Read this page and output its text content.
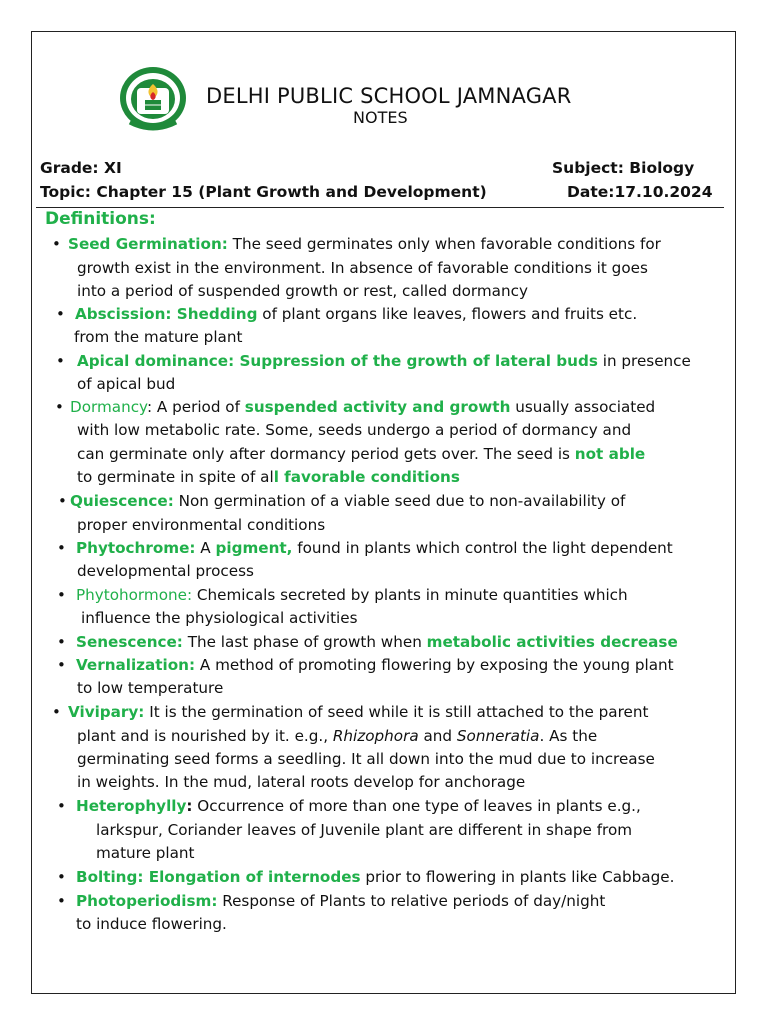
DELHI PUBLIC SCHOOL JAMNAGAR
NOTES
Grade: XI	Subject: Biology
Topic: Chapter 15 (Plant Growth and Development)	Date:17.10.2024
Definitions:
• Seed Germination: The seed germinates only when favorable conditions for
growth exist in the environment. In absence of favorable conditions it goes
into a period of suspended growth or rest, called dormancy
• Abscission: Shedding of plant organs like leaves, flowers and fruits etc.
from the mature plant
• Apical dominance: Suppression of the growth of lateral buds in presence
of apical bud
• Dormancy: A period of suspended activity and growth usually associated
with low metabolic rate. Some, seeds undergo a period of dormancy and
can germinate only after dormancy period gets over. The seed is not able
to germinate in spite of all favorable conditions
• Quiescence: Non germination of a viable seed due to non-availability of
proper environmental conditions
• Phytochrome: A pigment, found in plants which control the light dependent
developmental process
• Phytohormone: Chemicals secreted by plants in minute quantities which
influence the physiological activities
• Senescence: The last phase of growth when metabolic activities decrease
• Vernalization: A method of promoting flowering by exposing the young plant
to low temperature
• Vivipary: It is the germination of seed while it is still attached to the parent
plant and is nourished by it. e.g., Rhizophora and Sonneratia. As the
germinating seed forms a seedling. It all down into the mud due to increase
in weights. In the mud, lateral roots develop for anchorage
• Heterophylly: Occurrence of more than one type of leaves in plants e.g.,
larkspur, Coriander leaves of Juvenile plant are different in shape from
mature plant
• Bolting: Elongation of internodes prior to flowering in plants like Cabbage.
• Photoperiodism: Response of Plants to relative periods of day/night
to induce flowering.
